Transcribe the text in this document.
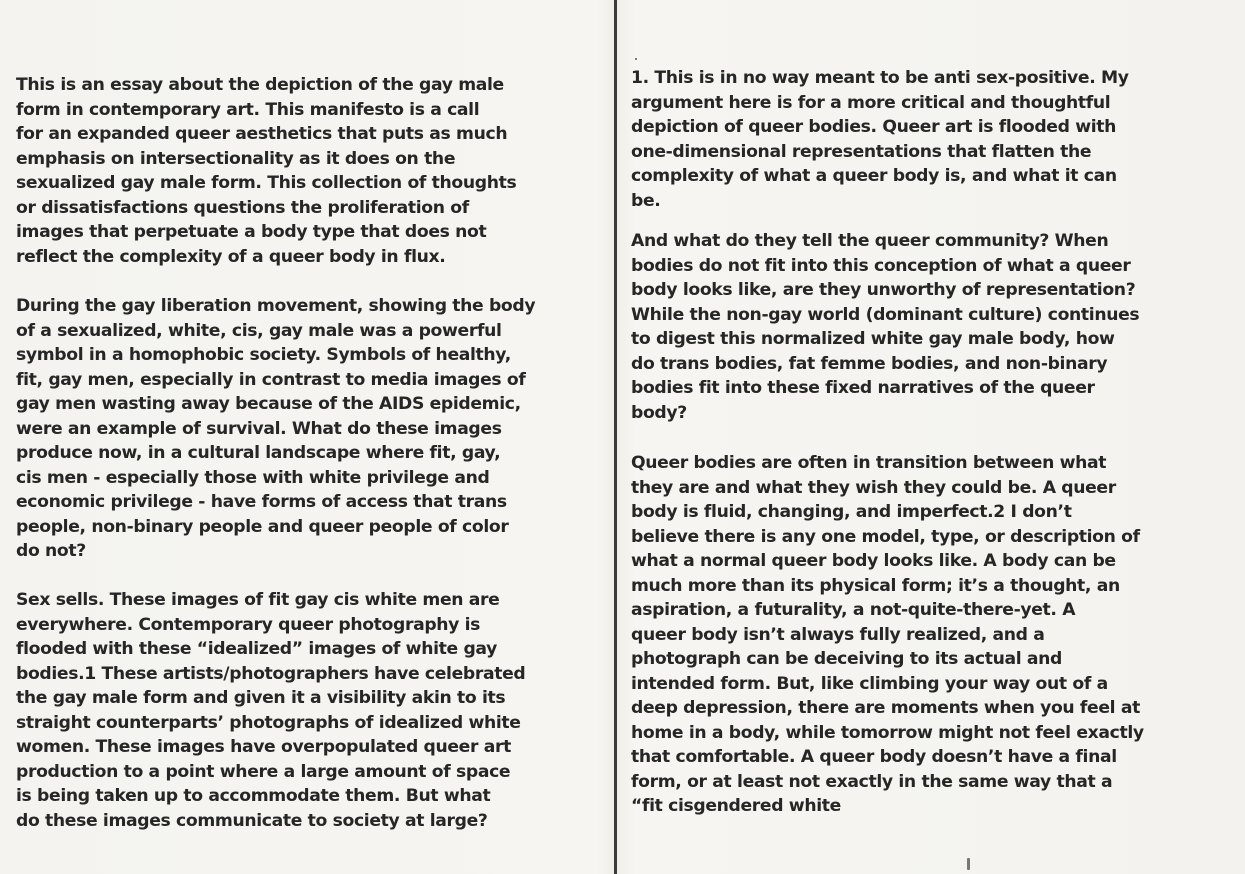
This is an essay about the depiction of the gay male
form in contemporary art. This manifesto is a call
for an expanded queer aesthetics that puts as much
emphasis on intersectionality as it does on the
sexualized gay male form. This collection of thoughts
or dissatisfactions questions the proliferation of
images that perpetuate a body type that does not
reflect the complexity of a queer body in flux.

During the gay liberation movement, showing the body
of a sexualized, white, cis, gay male was a powerful
symbol in a homophobic society. Symbols of healthy,
fit, gay men, especially in contrast to media images of
gay men wasting away because of the AIDS epidemic,
were an example of survival. What do these images
produce now, in a cultural landscape where fit, gay,
cis men - especially those with white privilege and
economic privilege - have forms of access that trans
people, non-binary people and queer people of color
do not?

Sex sells. These images of fit gay cis white men are
everywhere. Contemporary queer photography is
flooded with these “idealized” images of white gay
bodies.1 These artists/photographers have celebrated
the gay male form and given it a visibility akin to its
straight counterparts’ photographs of idealized white
women. These images have overpopulated queer art
production to a point where a large amount of space
is being taken up to accommodate them. But what
do these images communicate to society at large?

1. This is in no way meant to be anti sex-positive. My
argument here is for a more critical and thoughtful
depiction of queer bodies. Queer art is flooded with
one-dimensional representations that flatten the
complexity of what a queer body is, and what it can
be.

And what do they tell the queer community? When
bodies do not fit into this conception of what a queer
body looks like, are they unworthy of representation?
While the non-gay world (dominant culture) continues
to digest this normalized white gay male body, how
do trans bodies, fat femme bodies, and non-binary
bodies fit into these fixed narratives of the queer
body?

Queer bodies are often in transition between what
they are and what they wish they could be. A queer
body is fluid, changing, and imperfect.2 I don’t
believe there is any one model, type, or description of
what a normal queer body looks like. A body can be
much more than its physical form; it’s a thought, an
aspiration, a futurality, a not-quite-there-yet. A
queer body isn’t always fully realized, and a
photograph can be deceiving to its actual and
intended form. But, like climbing your way out of a
deep depression, there are moments when you feel at
home in a body, while tomorrow might not feel exactly
that comfortable. A queer body doesn’t have a final
form, or at least not exactly in the same way that a
“fit cisgendered white
